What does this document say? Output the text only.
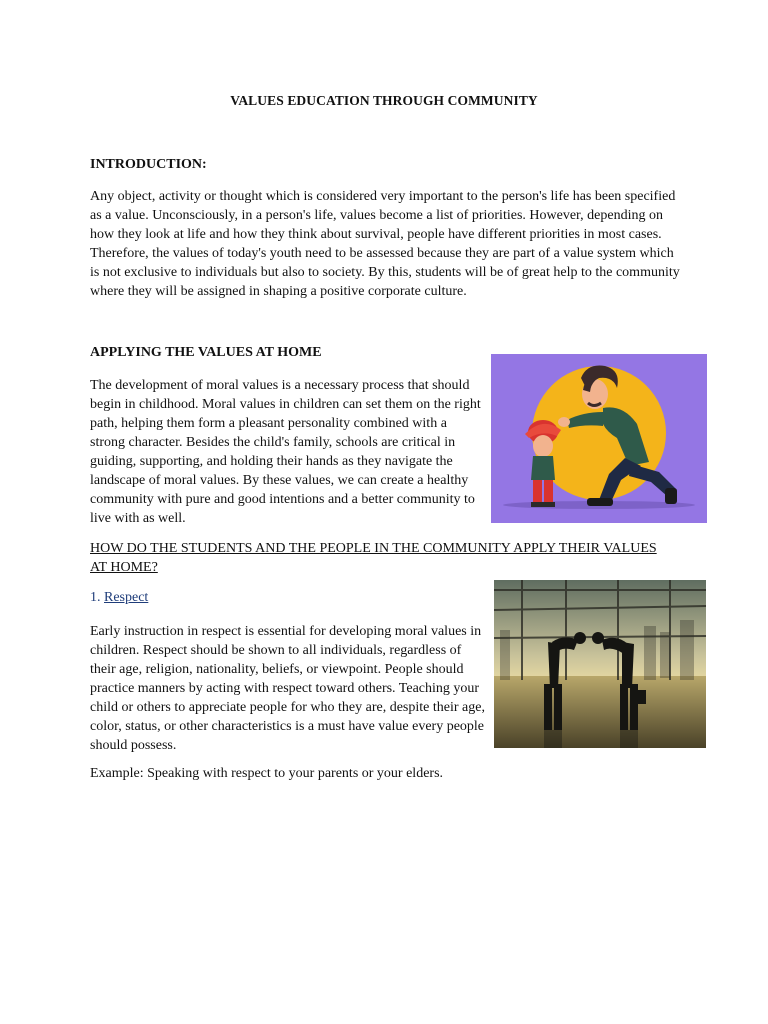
VALUES EDUCATION THROUGH COMMUNITY
INTRODUCTION:

Any object, activity or thought which is considered very important to the person's life has been specified as a value. Unconsciously, in a person's life, values become a list of priorities. However, depending on how they look at life and how they think about survival, people have different priorities in most cases. Therefore, the values of today's youth need to be assessed because they are part of a value system which is not exclusive to individuals but also to society. By this, students will be of great help to the community where they will be assigned in shaping a positive corporate culture.

APPLYING THE VALUES AT HOME

The development of moral values is a necessary process that should begin in childhood. Moral values in children can set them on the right path, helping them form a pleasant personality combined with a strong character. Besides the child's family, schools are critical in guiding, supporting, and holding their hands as they navigate the landscape of moral values. By these values, we can create a healthy community with pure and good intentions and a better community to live with as well.

HOW DO THE STUDENTS AND THE PEOPLE IN THE COMMUNITY APPLY THEIR VALUES AT HOME?
1. Respect

Early instruction in respect is essential for developing moral values in children. Respect should be shown to all individuals, regardless of their age, religion, nationality, beliefs, or viewpoint. People should practice manners by acting with respect toward others. Teaching your child or others to appreciate people for who they are, despite their age, color, status, or other characteristics is a must have value every people should possess.

Example: Speaking with respect to your parents or your elders.
